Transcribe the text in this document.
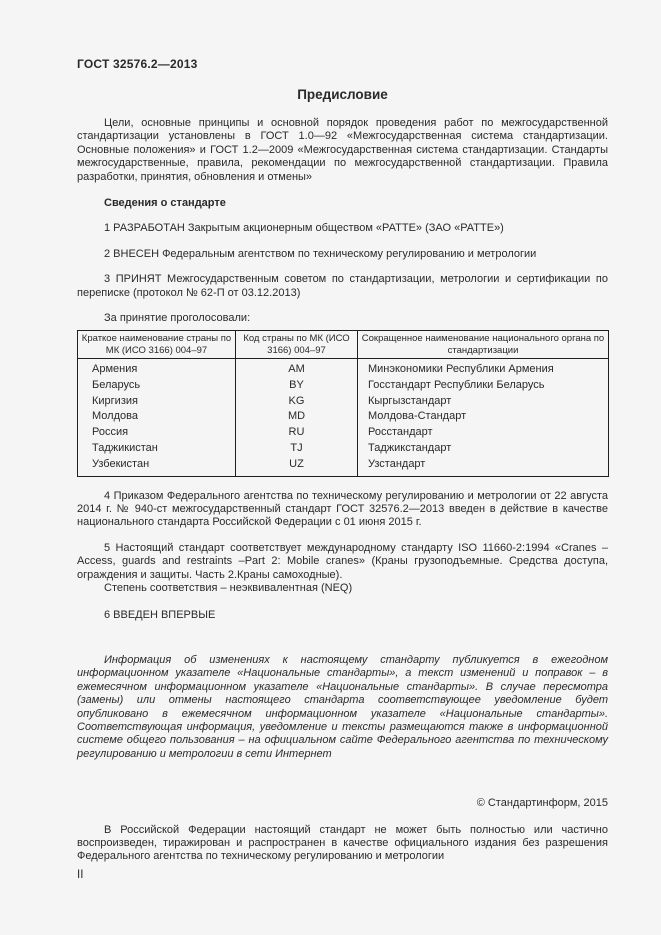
ГОСТ 32576.2—2013
Предисловие

Цели, основные принципы и основной порядок проведения работ по межгосударственной стандартизации установлены в ГОСТ 1.0—92 «Межгосударственная система стандартизации. Основные положения» и ГОСТ 1.2—2009 «Межгосударственная система стандартизации. Стандарты межгосударственные, правила, рекомендации по межгосударственной стандартизации. Правила разработки, принятия, обновления и отмены»

Сведения о стандарте

1 РАЗРАБОТАН Закрытым акционерным обществом «РАТТЕ» (ЗАО «РАТТЕ»)

2 ВНЕСЕН Федеральным агентством по техническому регулированию и метрологии

3 ПРИНЯТ Межгосударственным советом по стандартизации, метрологии и сертификации по переписке (протокол № 62-П от 03.12.2013)

За принятие проголосовали:

Краткое наименование страны по МК (ИСО 3166) 004–97	Код страны по МК (ИСО 3166) 004–97	Сокращенное наименование национального органа по стандартизации
Армения	AM	Минэкономики Республики Армения
Беларусь	BY	Госстандарт Республики Беларусь
Киргизия	KG	Кыргызстандарт
Молдова	MD	Молдова-Стандарт
Россия	RU	Росстандарт
Таджикистан	TJ	Таджикстандарт
Узбекистан	UZ	Узстандарт

4 Приказом Федерального агентства по техническому регулированию и метрологии от 22 августа 2014 г. № 940-ст межгосударственный стандарт ГОСТ 32576.2—2013 введен в действие в качестве национального стандарта Российской Федерации с 01 июня 2015 г.

5 Настоящий стандарт соответствует международному стандарту ISO 11660-2:1994 «Cranes – Access, guards and restraints –Part 2: Mobile cranes» (Краны грузоподъемные. Средства доступа, ограждения и защиты. Часть 2.Краны самоходные).

Степень соответствия – неэквивалентная (NEQ)

6 ВВЕДЕН ВПЕРВЫЕ

Информация об изменениях к настоящему стандарту публикуется в ежегодном информационном указателе «Национальные стандарты», а текст изменений и поправок – в ежемесячном информационном указателе «Национальные стандарты». В случае пересмотра (замены) или отмены настоящего стандарта соответствующее уведомление будет опубликовано в ежемесячном информационном указателе «Национальные стандарты». Соответствующая информация, уведомление и тексты размещаются также в информационной системе общего пользования – на официальном сайте Федерального агентства по техническому регулированию и метрологии в сети Интернет

© Стандартинформ, 2015

В Российской Федерации настоящий стандарт не может быть полностью или частично воспроизведен, тиражирован и распространен в качестве официального издания без разрешения Федерального агентства по техническому регулированию и метрологии

II
